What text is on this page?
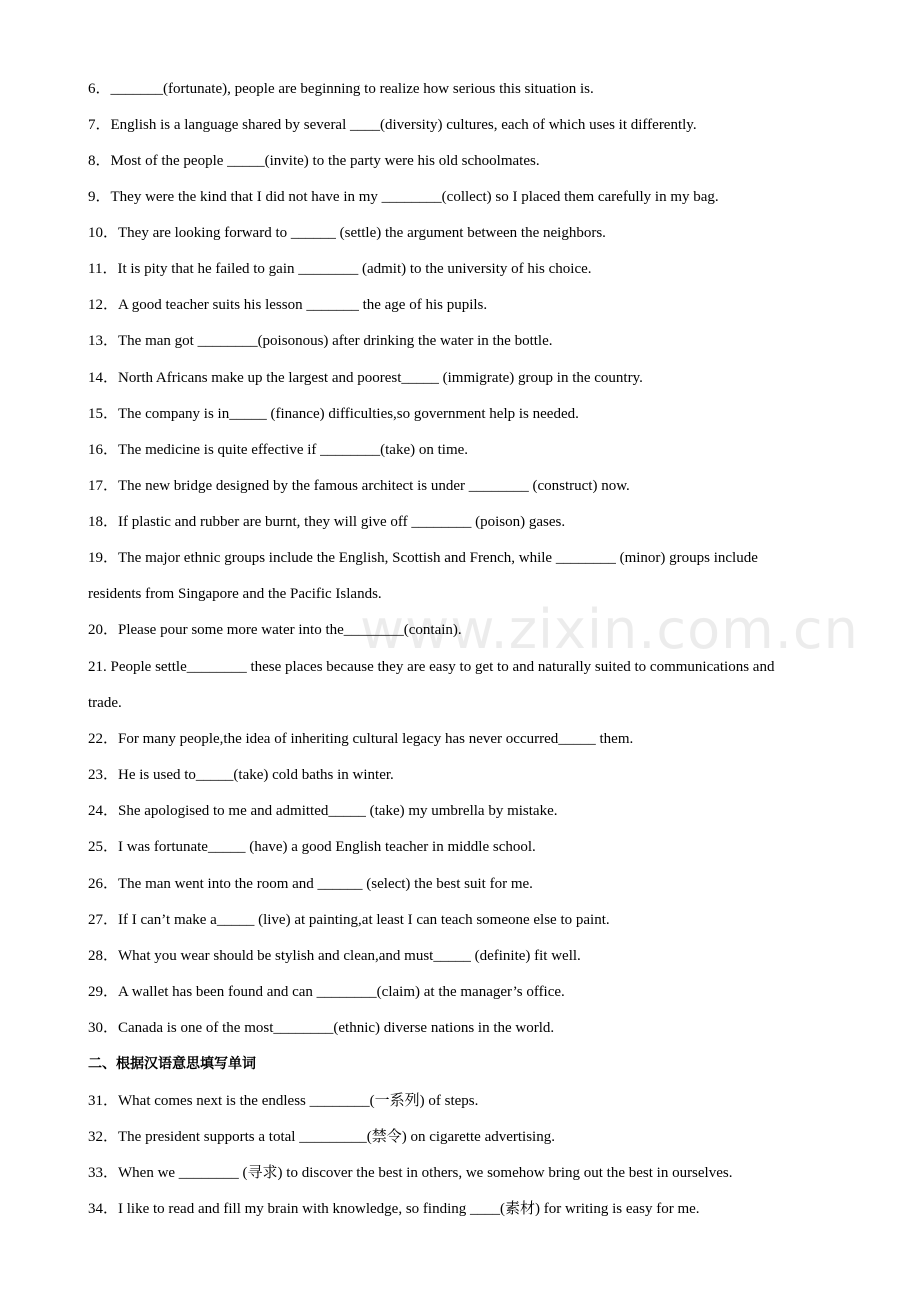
www.zixin.com.cn
6．_______(fortunate), people are beginning to realize how serious this situation is.
7．English is a language shared by several ____(diversity) cultures, each of which uses it differently.
8．Most of the people _____(invite) to the party were his old schoolmates.
9．They were the kind that I did not have in my ________(collect) so I placed them carefully in my bag.
10．They are looking forward to ______ (settle) the argument between the neighbors.
11．It is pity that he failed to gain ________ (admit) to the university of his choice.
12．A good teacher suits his lesson _______ the age of his pupils.
13．The man got ________(poisonous) after drinking the water in the bottle.
14．North Africans make up the largest and poorest_____ (immigrate) group in the country.
15．The company is in_____ (finance) difficulties,so government help is needed.
16．The medicine is quite effective if ________(take) on time.
17．The new bridge designed by the famous architect is under ________ (construct) now.
18．If plastic and rubber are burnt, they will give off ________ (poison) gases.
19．The major ethnic groups include the English, Scottish and French, while ________ (minor) groups include
residents from Singapore and the Pacific Islands.
20．Please pour some more water into the________(contain).
21. People settle________ these places because they are easy to get to and naturally suited to communications and
trade.
22．For many people,the idea of inheriting cultural legacy has never occurred_____ them.
23．He is used to_____(take) cold baths in winter.
24．She apologised to me and admitted_____ (take) my umbrella by mistake.
25．I was fortunate_____ (have) a good English teacher in middle school.
26．The man went into the room and ______ (select) the best suit for me.
27．If I can’t make a_____ (live) at painting,at least I can teach someone else to paint.
28．What you wear should be stylish and clean,and must_____ (definite) fit well.
29．A wallet has been found and can ________(claim) at the manager’s office.
30．Canada is one of the most________(ethnic) diverse nations in the world.
二、根据汉语意思填写单词
31．What comes next is the endless ________(一系列) of steps.
32．The president supports a total _________(禁令) on cigarette advertising.
33．When we ________ (寻求) to discover the best in others, we somehow bring out the best in ourselves.
34．I like to read and fill my brain with knowledge, so finding ____(素材) for writing is easy for me.
